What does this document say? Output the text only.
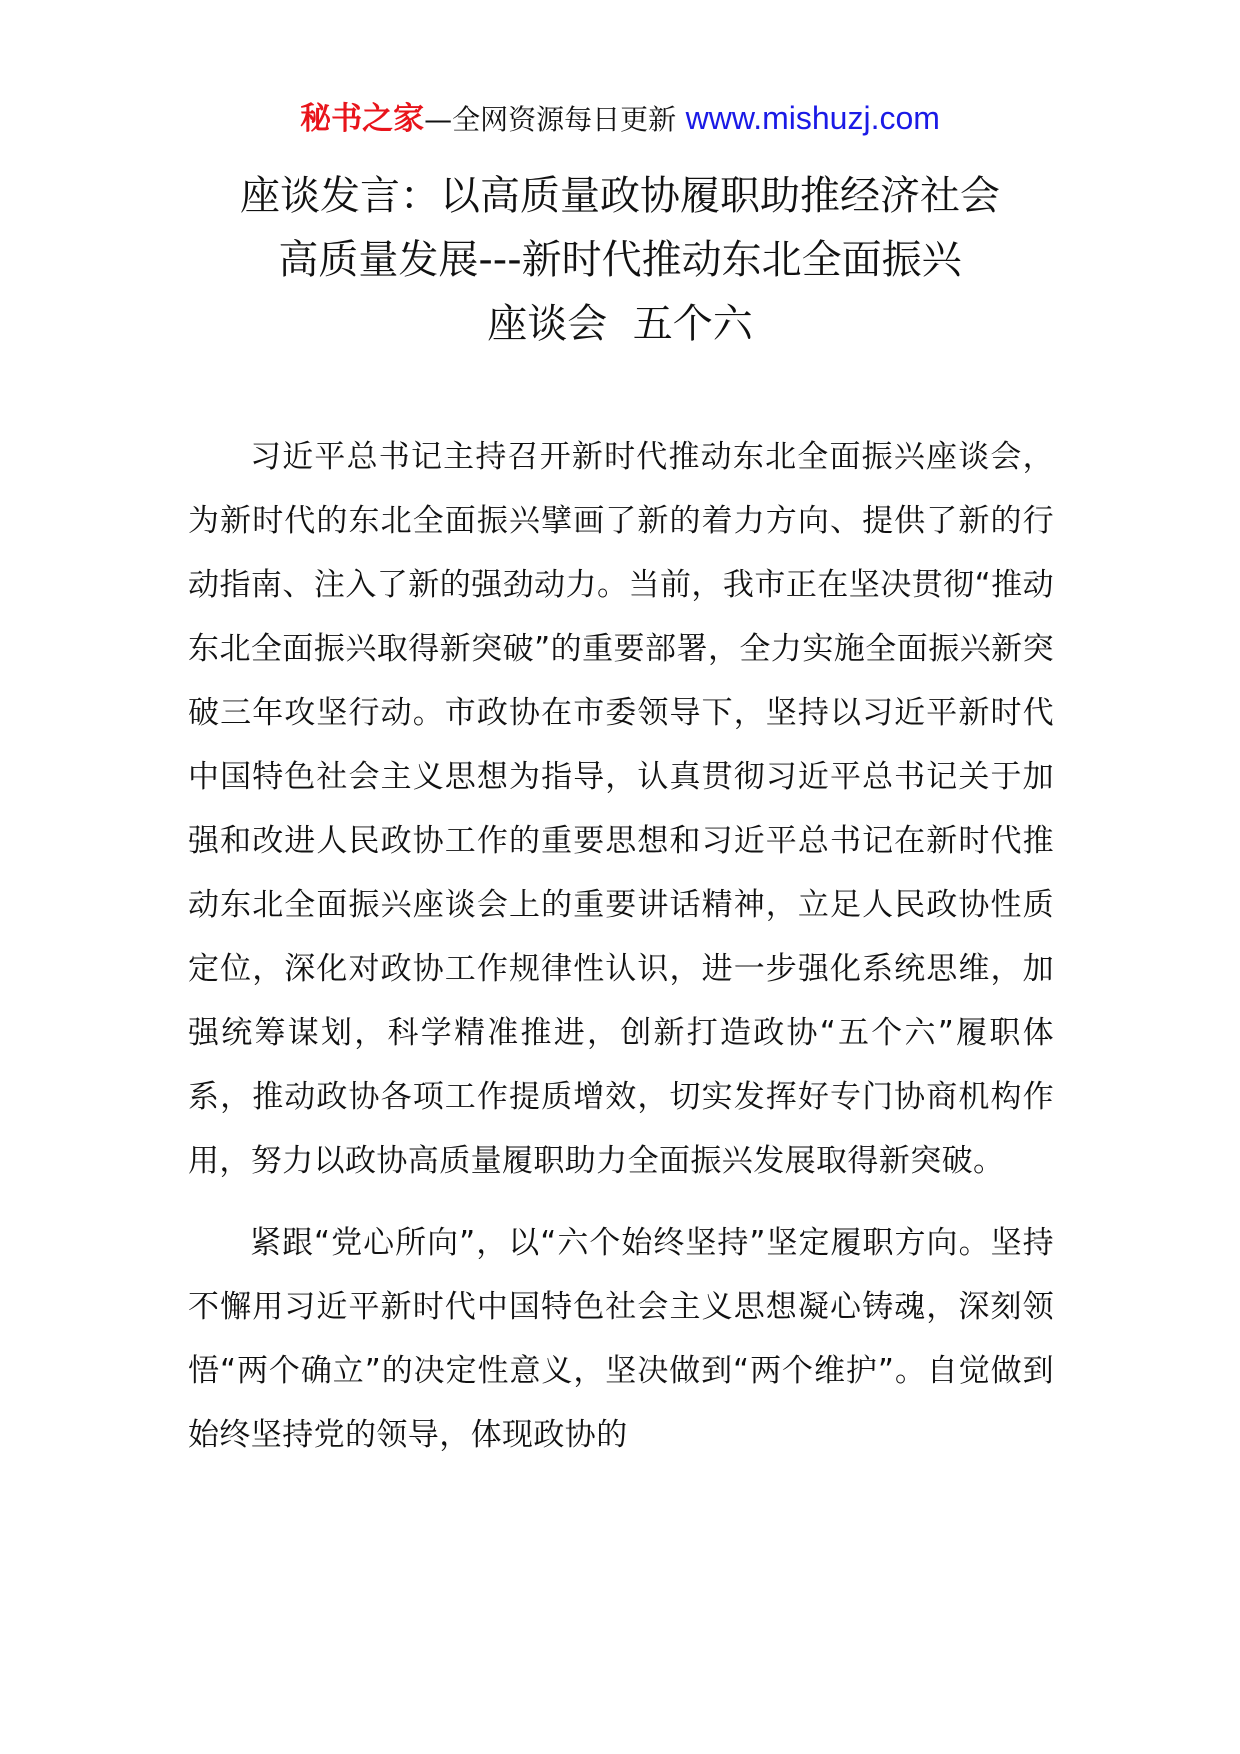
秘书之家—全网资源每日更新 www.mishuzj.com
座谈发言：以高质量政协履职助推经济社会
高质量发展---新时代推动东北全面振兴
座谈会  五个六

习近平总书记主持召开新时代推动东北全面振兴座谈会，为新时代的东北全面振兴擘画了新的着力方向、提供了新的行动指南、注入了新的强劲动力。当前，我市正在坚决贯彻“推动东北全面振兴取得新突破”的重要部署，全力实施全面振兴新突破三年攻坚行动。市政协在市委领导下，坚持以习近平新时代中国特色社会主义思想为指导，认真贯彻习近平总书记关于加强和改进人民政协工作的重要思想和习近平总书记在新时代推动东北全面振兴座谈会上的重要讲话精神，立足人民政协性质定位，深化对政协工作规律性认识，进一步强化系统思维，加强统筹谋划，科学精准推进，创新打造政协“五个六”履职体系，推动政协各项工作提质增效，切实发挥好专门协商机构作用，努力以政协高质量履职助力全面振兴发展取得新突破。

紧跟“党心所向”，以“六个始终坚持”坚定履职方向。坚持不懈用习近平新时代中国特色社会主义思想凝心铸魂，深刻领悟“两个确立”的决定性意义，坚决做到“两个维护”。自觉做到始终坚持党的领导，体现政协的
